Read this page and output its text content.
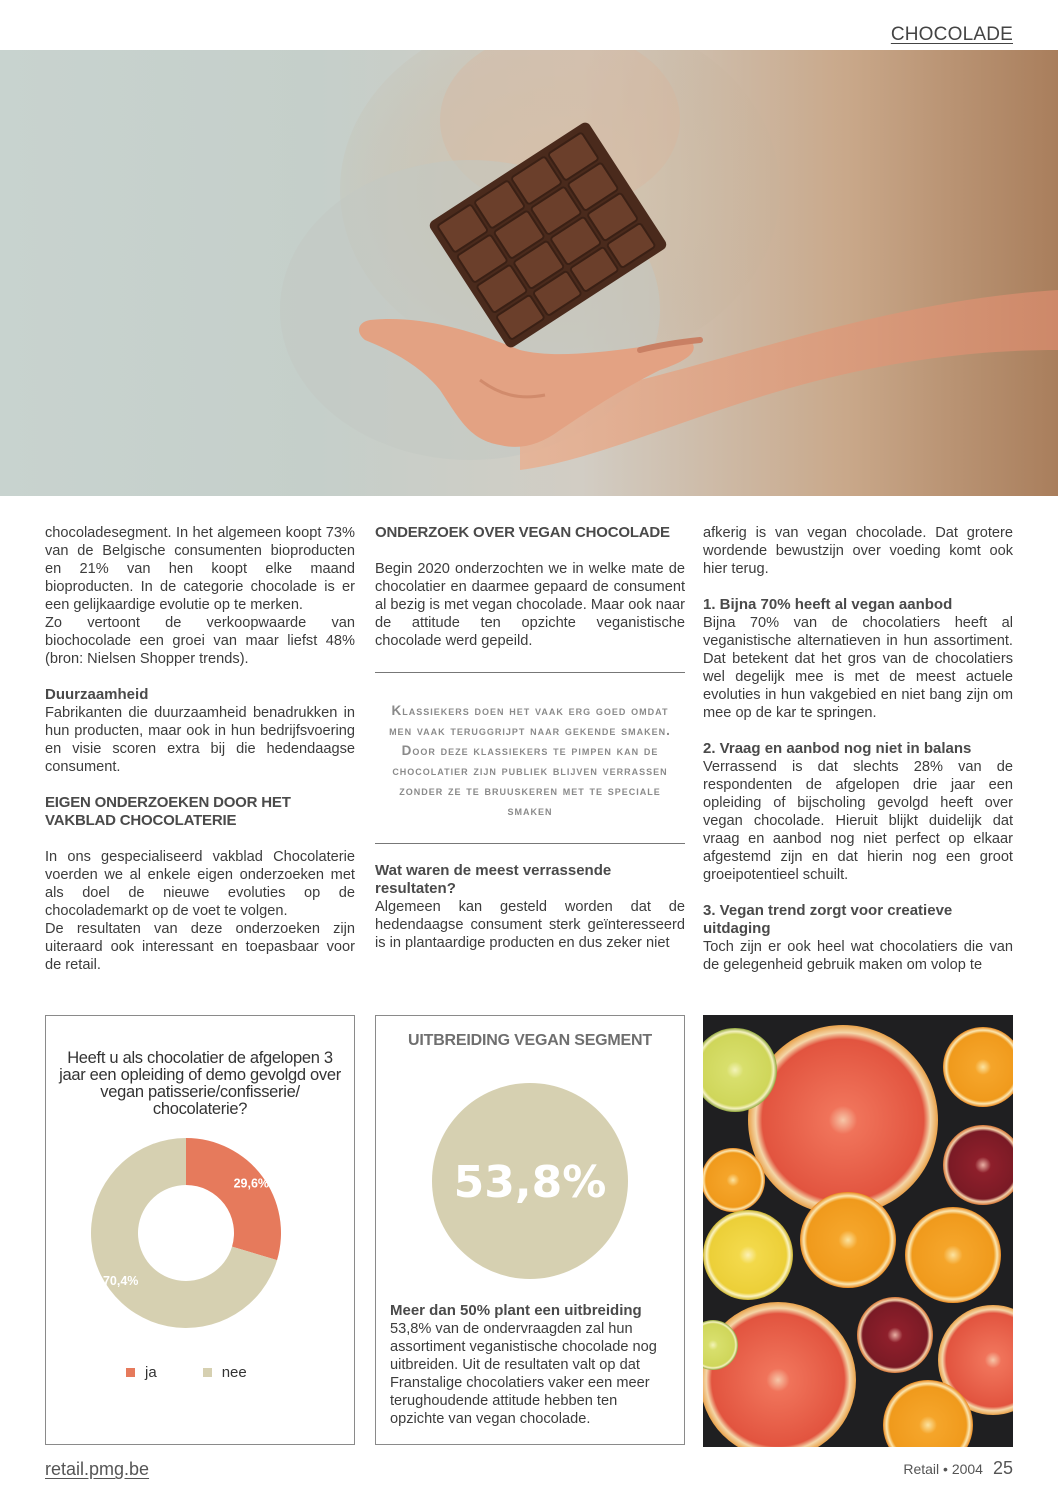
CHOCOLADE

chocoladesegment. In het algemeen koopt 73% van de Belgische consumenten bioproducten en 21% van hen koopt elke maand bioproducten. In de categorie chocolade is er een gelijkaardige evolutie op te merken.

Zo vertoont de verkoopwaarde van biochocolade een groei van maar liefst 48% (bron: Nielsen Shopper trends).

Duurzaamheid

Fabrikanten die duurzaamheid benadrukken in hun producten, maar ook in hun bedrijfsvoering en visie scoren extra bij die hedendaagse consument.

EIGEN ONDERZOEKEN DOOR HET VAKBLAD CHOCOLATERIE

In ons gespecialiseerd vakblad Chocolaterie voerden we al enkele eigen onderzoeken met als doel de nieuwe evoluties op de chocolademarkt op de voet te volgen.

De resultaten van deze onderzoeken zijn uiteraard ook interessant en toepasbaar voor de retail.

ONDERZOEK OVER VEGAN CHOCOLADE

Begin 2020 onderzochten we in welke mate de chocolatier en daarmee gepaard de consument al bezig is met vegan chocolade. Maar ook naar de attitude ten opzichte veganistische chocolade werd gepeild.

Klassiekers doen het vaak erg goed omdat men vaak teruggrijpt naar gekende smaken. Door deze klassiekers te pimpen kan de chocolatier zijn publiek blijven verrassen zonder ze te bruuskeren met te speciale smaken

Wat waren de meest verrassende resultaten?

Algemeen kan gesteld worden dat de hedendaagse consument sterk geïnteresseerd is in plantaardige producten en dus zeker niet

afkerig is van vegan chocolade. Dat grotere wordende bewustzijn over voeding komt ook hier terug.

1. Bijna 70% heeft al vegan aanbod

Bijna 70% van de chocolatiers heeft al veganistische alternatieven in hun assortiment. Dat betekent dat het gros van de chocolatiers wel degelijk mee is met de meest actuele evoluties in hun vakgebied en niet bang zijn om mee op de kar te springen.

2. Vraag en aanbod nog niet in balans

Verrassend is dat slechts 28% van de respondenten de afgelopen drie jaar een opleiding of bijscholing gevolgd heeft over vegan chocolade. Hieruit blijkt duidelijk dat vraag en aanbod nog niet perfect op elkaar afgestemd zijn en dat hierin nog een groot groeipotentieel schuilt.

3. Vegan trend zorgt voor creatieve uitdaging

Toch zijn er ook heel wat chocolatiers die van de gelegenheid gebruik maken om volop te

Heeft u als chocolatier de afgelopen 3 jaar een opleiding of demo gevolgd over vegan patisserie/confisserie/ chocolaterie?
29,6%
70,4%
ja	nee
UITBREIDING VEGAN SEGMENT
53,8%
Meer dan 50% plant een uitbreiding

53,8% van de ondervraagden zal hun assortiment veganistische chocolade nog uitbreiden. Uit de resultaten valt op dat Franstalige chocolatiers vaker een meer terughoudende attitude hebben ten opzichte van vegan chocolade.

retail.pmg.be	Retail • 2004 25
